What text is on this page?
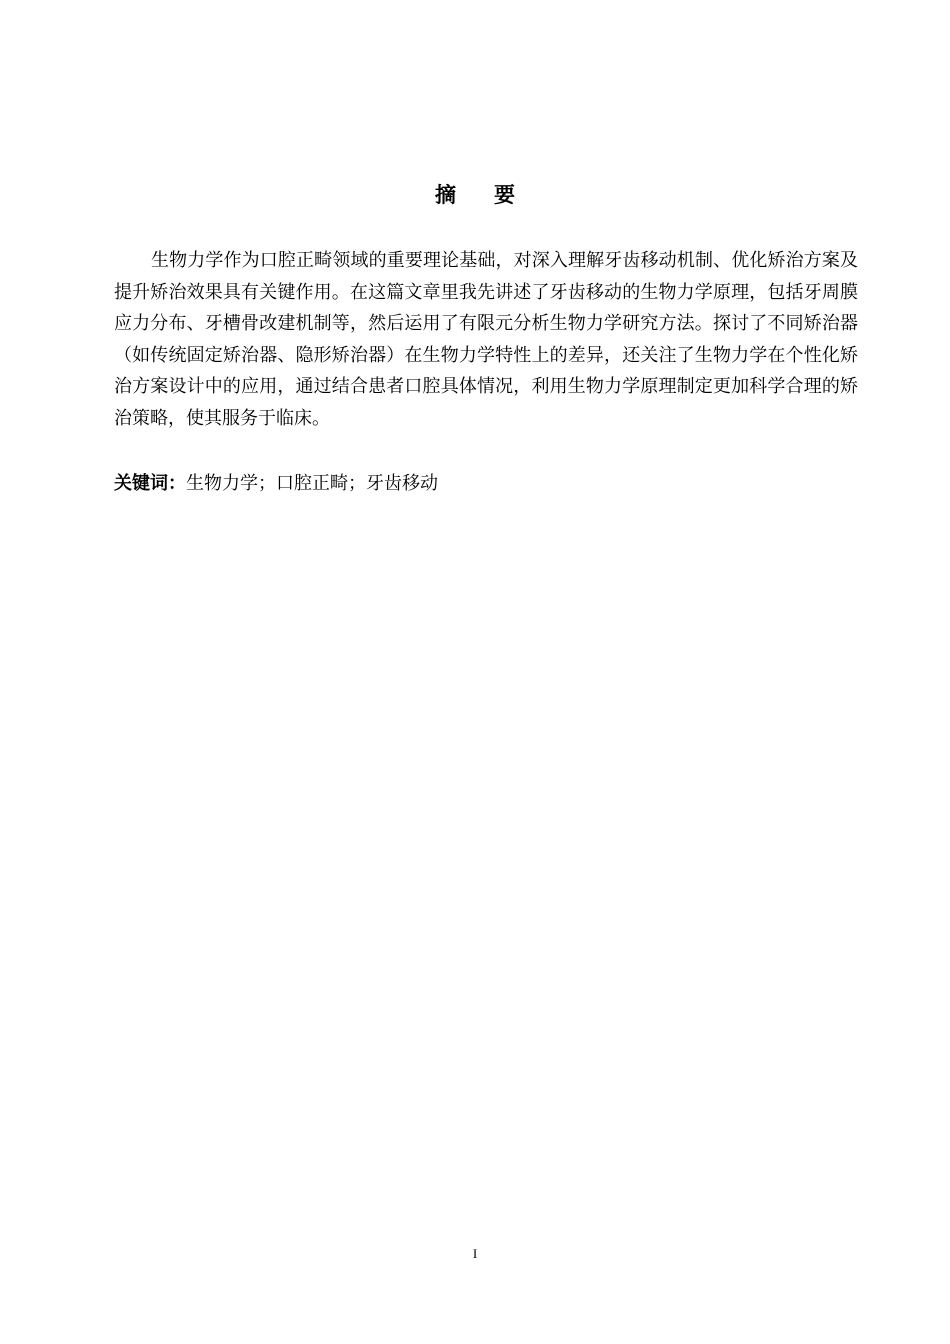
摘要

生物力学作为口腔正畸领域的重要理论基础，对深入理解牙齿移动机制、优化矫治方案及提升矫治效果具有关键作用。在这篇文章里我先讲述了牙齿移动的生物力学原理，包括牙周膜应力分布、牙槽骨改建机制等，然后运用了有限元分析生物力学研究方法。探讨了不同矫治器（如传统固定矫治器、隐形矫治器）在生物力学特性上的差异，还关注了生物力学在个性化矫治方案设计中的应用，通过结合患者口腔具体情况，利用生物力学原理制定更加科学合理的矫治策略，使其服务于临床。

关键词：生物力学；口腔正畸；牙齿移动

I
